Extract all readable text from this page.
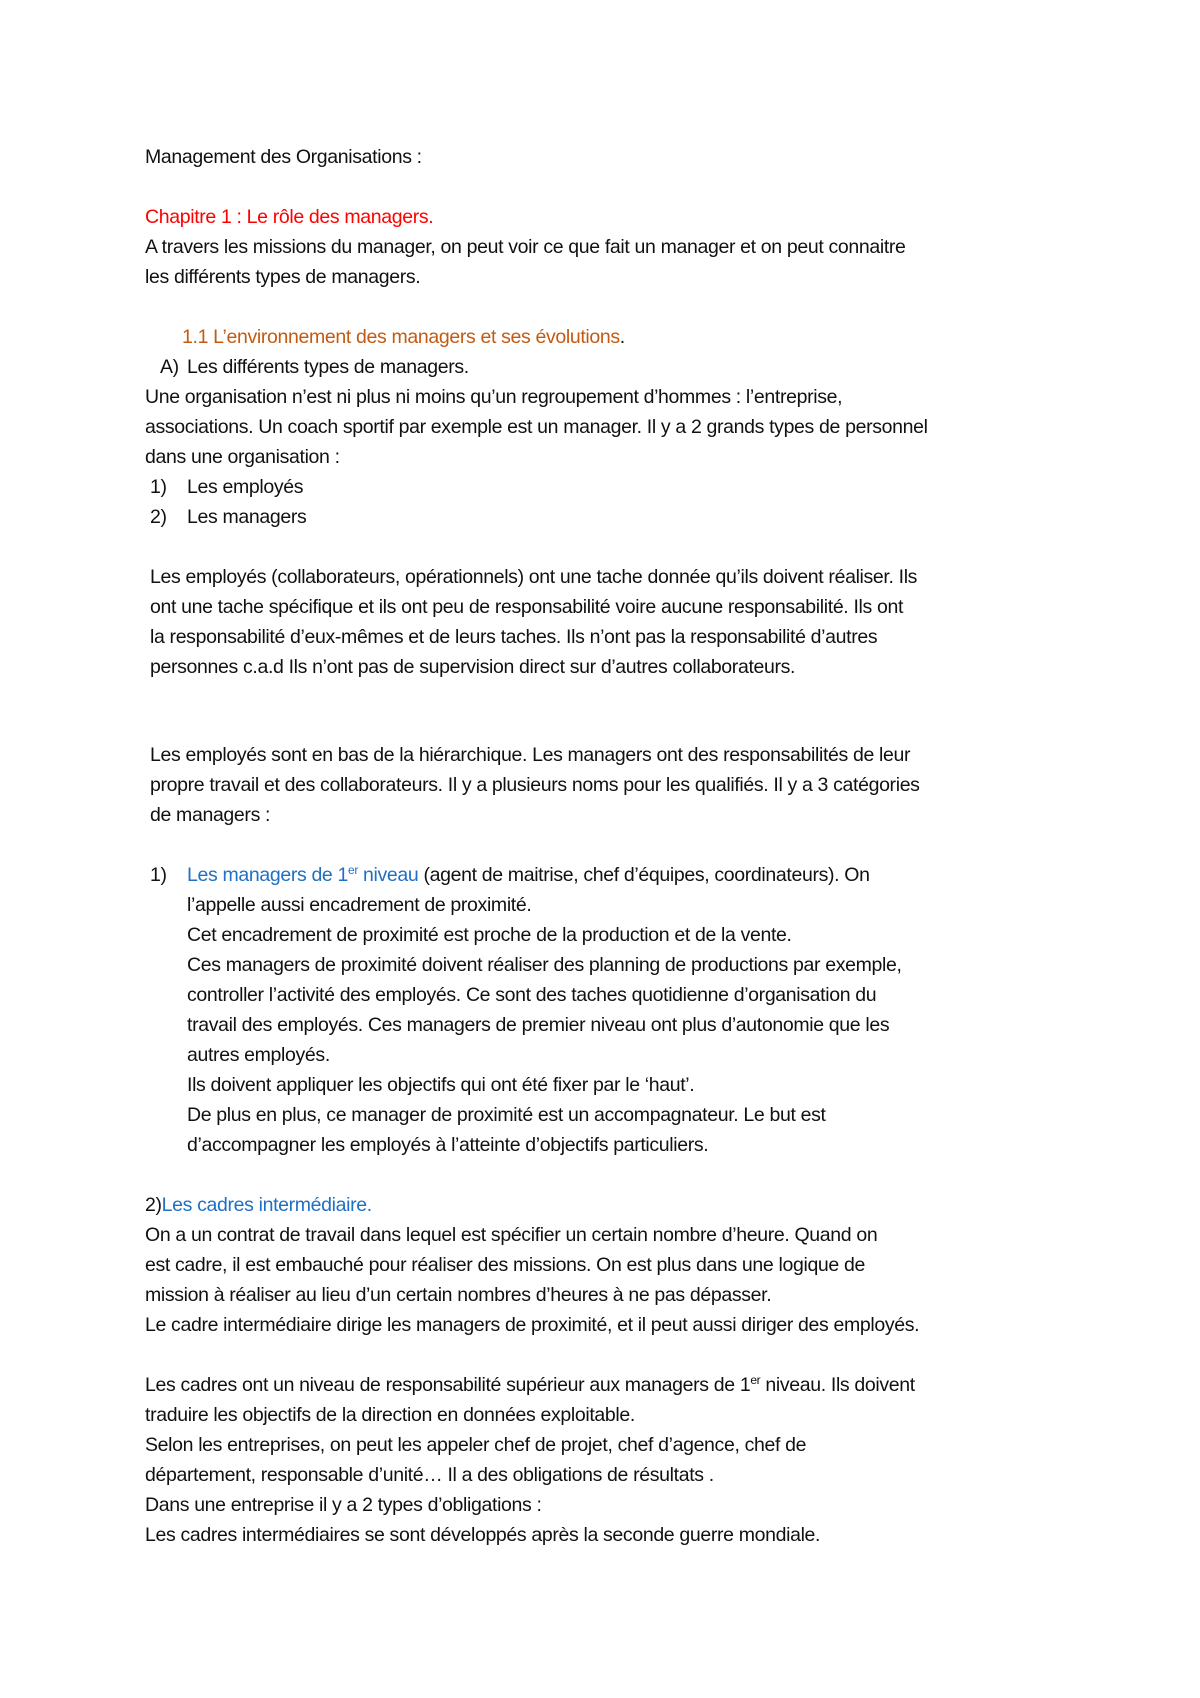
Management des Organisations :
Chapitre 1 : Le rôle des managers.
A travers les missions du manager, on peut voir ce que fait un manager et on peut connaitre
les différents types de managers.
1.1 L’environnement des managers et ses évolutions.
A) Les différents types de managers.
Une organisation n’est ni plus ni moins qu’un regroupement d’hommes : l’entreprise,
associations. Un coach sportif par exemple est un manager. Il y a 2 grands types de personnel
dans une organisation :
1) Les employés
2) Les managers
Les employés (collaborateurs, opérationnels) ont une tache donnée qu’ils doivent réaliser. Ils
ont une tache spécifique et ils ont peu de responsabilité voire aucune responsabilité. Ils ont
la responsabilité d’eux-mêmes et de leurs taches. Ils n’ont pas la responsabilité d’autres
personnes c.a.d Ils n’ont pas de supervision direct sur d’autres collaborateurs.
Les employés sont en bas de la hiérarchique. Les managers ont des responsabilités de leur
propre travail et des collaborateurs. Il y a plusieurs noms pour les qualifiés. Il y a 3 catégories
de managers :
1) Les managers de 1er niveau (agent de maitrise, chef d’équipes, coordinateurs). On
l’appelle aussi encadrement de proximité.
Cet encadrement de proximité est proche de la production et de la vente.
Ces managers de proximité doivent réaliser des planning de productions par exemple,
controller l’activité des employés. Ce sont des taches quotidienne d’organisation du
travail des employés. Ces managers de premier niveau ont plus d’autonomie que les
autres employés.
Ils doivent appliquer les objectifs qui ont été fixer par le ‘haut’.
De plus en plus, ce manager de proximité est un accompagnateur. Le but est
d’accompagner les employés à l’atteinte d’objectifs particuliers.
2)Les cadres intermédiaire.
On a un contrat de travail dans lequel est spécifier un certain nombre d’heure. Quand on
est cadre, il est embauché pour réaliser des missions. On est plus dans une logique de
mission à réaliser au lieu d’un certain nombres d’heures à ne pas dépasser.
Le cadre intermédiaire dirige les managers de proximité, et il peut aussi diriger des employés.
Les cadres ont un niveau de responsabilité supérieur aux managers de 1er niveau. Ils doivent
traduire les objectifs de la direction en données exploitable.
Selon les entreprises, on peut les appeler chef de projet, chef d’agence, chef de
département, responsable d’unité… Il a des obligations de résultats .
Dans une entreprise il y a 2 types d’obligations :
Les cadres intermédiaires se sont développés après la seconde guerre mondiale.
